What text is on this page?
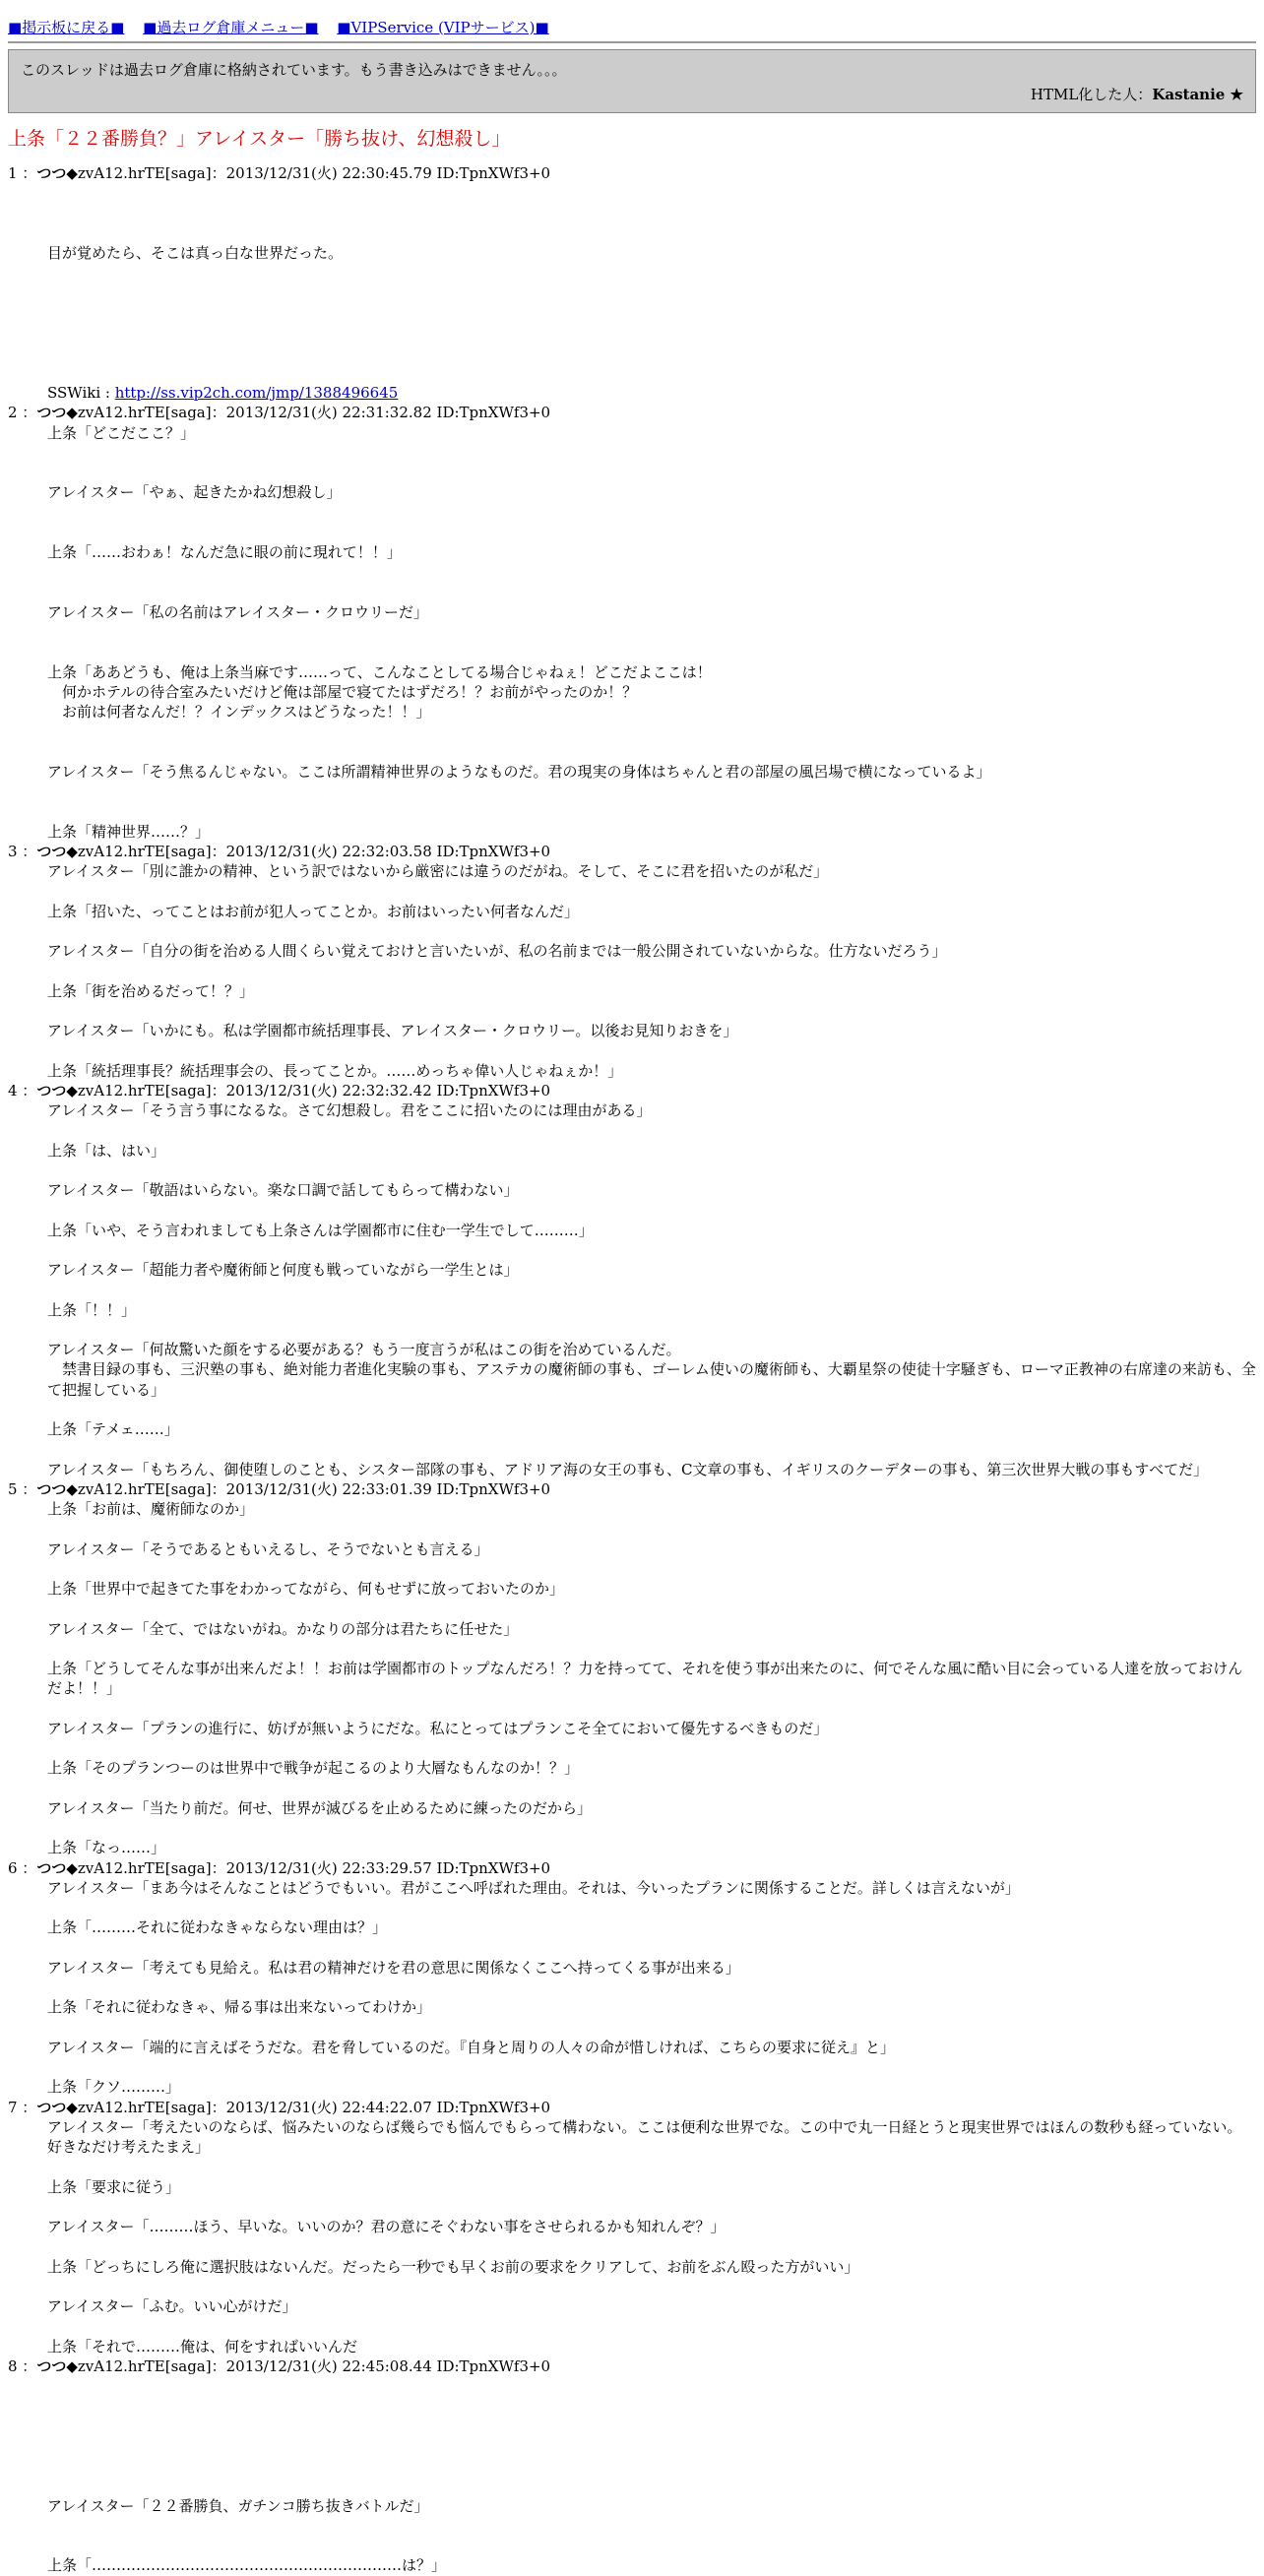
■掲示板に戻る■ ■過去ログ倉庫メニュー■ ■VIPService (VIPサービス)■
このスレッドは過去ログ倉庫に格納されています。もう書き込みはできません。。。
HTML化した人：Kastanie ★
上条「２２番勝負？」アレイスター「勝ち抜け、幻想殺し」
1 ：つつ◆zvA12.hrTE[saga]：2013/12/31(火) 22:30:45.79 ID:TpnXWf3+0

目が覚めたら、そこは真っ白な世界だった。

SSWiki : http://ss.vip2ch.com/jmp/1388496645
2 ：つつ◆zvA12.hrTE[saga]：2013/12/31(火) 22:31:32.82 ID:TpnXWf3+0
上条「どこだここ？」

アレイスター「やぁ、起きたかね幻想殺し」

上条「……おわぁ！なんだ急に眼の前に現れて！！」

アレイスター「私の名前はアレイスター・クロウリーだ」

上条「ああどうも、俺は上条当麻です……って、こんなことしてる場合じゃねぇ！どこだよここは！
　何かホテルの待合室みたいだけど俺は部屋で寝てたはずだろ！？お前がやったのか！？
　お前は何者なんだ！？インデックスはどうなった！！」

アレイスター「そう焦るんじゃない。ここは所謂精神世界のようなものだ。君の現実の身体はちゃんと君の部屋の風呂場で横になっているよ」

上条「精神世界……？」
3 ：つつ◆zvA12.hrTE[saga]：2013/12/31(火) 22:32:03.58 ID:TpnXWf3+0
アレイスター「別に誰かの精神、という訳ではないから厳密には違うのだがね。そして、そこに君を招いたのが私だ」

上条「招いた、ってことはお前が犯人ってことか。お前はいったい何者なんだ」

アレイスター「自分の街を治める人間くらい覚えておけと言いたいが、私の名前までは一般公開されていないからな。仕方ないだろう」

上条「街を治めるだって！？」

アレイスター「いかにも。私は学園都市統括理事長、アレイスター・クロウリー。以後お見知りおきを」

上条「統括理事長？統括理事会の、長ってことか。……めっちゃ偉い人じゃねぇか！」
4 ：つつ◆zvA12.hrTE[saga]：2013/12/31(火) 22:32:32.42 ID:TpnXWf3+0
アレイスター「そう言う事になるな。さて幻想殺し。君をここに招いたのには理由がある」

上条「は、はい」

アレイスター「敬語はいらない。楽な口調で話してもらって構わない」

上条「いや、そう言われましても上条さんは学園都市に住む一学生でして………」

アレイスター「超能力者や魔術師と何度も戦っていながら一学生とは」

上条「！！」

アレイスター「何故驚いた顔をする必要がある？もう一度言うが私はこの街を治めているんだ。
　禁書目録の事も、三沢塾の事も、絶対能力者進化実験の事も、アステカの魔術師の事も、ゴーレム使いの魔術師も、大覇星祭の使徒十字騒ぎも、ローマ正教神の右席達の来訪も、全て把握している」

上条「テメェ……」

アレイスター「もちろん、御使堕しのことも、シスター部隊の事も、アドリア海の女王の事も、C文章の事も、イギリスのクーデターの事も、第三次世界大戦の事もすべてだ」
5 ：つつ◆zvA12.hrTE[saga]：2013/12/31(火) 22:33:01.39 ID:TpnXWf3+0
上条「お前は、魔術師なのか」

アレイスター「そうであるともいえるし、そうでないとも言える」

上条「世界中で起きてた事をわかってながら、何もせずに放っておいたのか」

アレイスター「全て、ではないがね。かなりの部分は君たちに任せた」

上条「どうしてそんな事が出来んだよ！！お前は学園都市のトップなんだろ！？力を持ってて、それを使う事が出来たのに、何でそんな風に酷い目に会っている人達を放っておけんだよ！！」

アレイスター「プランの進行に、妨げが無いようにだな。私にとってはプランこそ全てにおいて優先するべきものだ」

上条「そのプランつーのは世界中で戦争が起こるのより大層なもんなのか！？」

アレイスター「当たり前だ。何せ、世界が滅びるを止めるために練ったのだから」

上条「なっ……」
6 ：つつ◆zvA12.hrTE[saga]：2013/12/31(火) 22:33:29.57 ID:TpnXWf3+0
アレイスター「まあ今はそんなことはどうでもいい。君がここへ呼ばれた理由。それは、今いったプランに関係することだ。詳しくは言えないが」

上条「………それに従わなきゃならない理由は？」

アレイスター「考えても見給え。私は君の精神だけを君の意思に関係なくここへ持ってくる事が出来る」

上条「それに従わなきゃ、帰る事は出来ないってわけか」

アレイスター「端的に言えばそうだな。君を脅しているのだ。『自身と周りの人々の命が惜しければ、こちらの要求に従え』と」

上条「クソ………」
7 ：つつ◆zvA12.hrTE[saga]：2013/12/31(火) 22:44:22.07 ID:TpnXWf3+0
アレイスター「考えたいのならば、悩みたいのならば幾らでも悩んでもらって構わない。ここは便利な世界でな。この中で丸一日経とうと現実世界ではほんの数秒も経っていない。好きなだけ考えたまえ」

上条「要求に従う」

アレイスター「………ほう、早いな。いいのか？君の意にそぐわない事をさせられるかも知れんぞ？」

上条「どっちにしろ俺に選択肢はないんだ。だったら一秒でも早くお前の要求をクリアして、お前をぶん殴った方がいい」

アレイスター「ふむ。いい心がけだ」

上条「それで………俺は、何をすればいいんだ
8 ：つつ◆zvA12.hrTE[saga]：2013/12/31(火) 22:45:08.44 ID:TpnXWf3+0

アレイスター「２２番勝負、ガチンコ勝ち抜きバトルだ」

上条「………………………………………………………は？」
